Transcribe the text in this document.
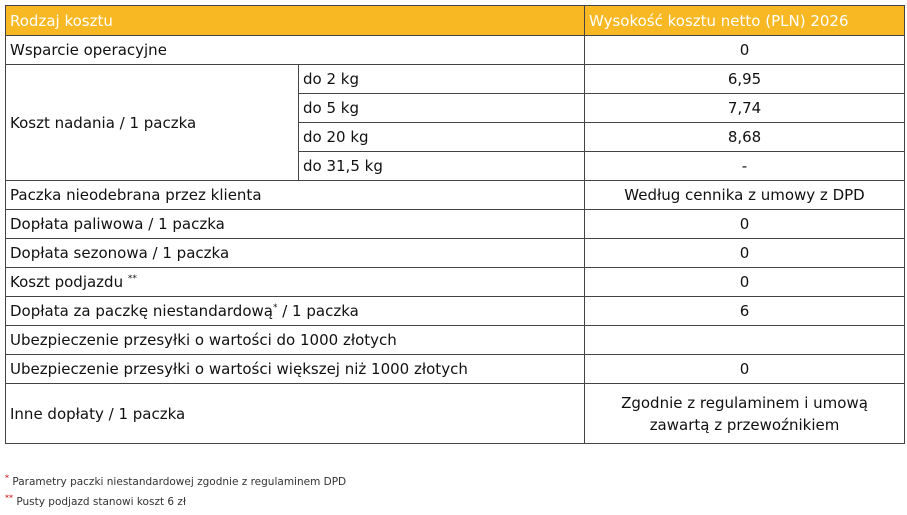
Rodzaj kosztu		Wysokość kosztu netto (PLN) 2026
Wsparcie operacyjne		0
Koszt nadania / 1 paczka	do 2 kg	6,95
	do 5 kg	7,74
	do 20 kg	8,68
	do 31,5 kg	-
Paczka nieodebrana przez klienta		Według cennika z umowy z DPD
Dopłata paliwowa / 1 paczka		0
Dopłata sezonowa / 1 paczka		0
Koszt podjazdu **		0
Dopłata za paczkę niestandardową* / 1 paczka		6
Ubezpieczenie przesyłki o wartości do 1000 złotych		
Ubezpieczenie przesyłki o wartości większej niż 1000 złotych		0
Inne dopłaty / 1 paczka		Zgodnie z regulaminem i umową zawartą z przewoźnikiem
* Parametry paczki niestandardowej zgodnie z regulaminem DPD
** Pusty podjazd stanowi koszt 6 zł
